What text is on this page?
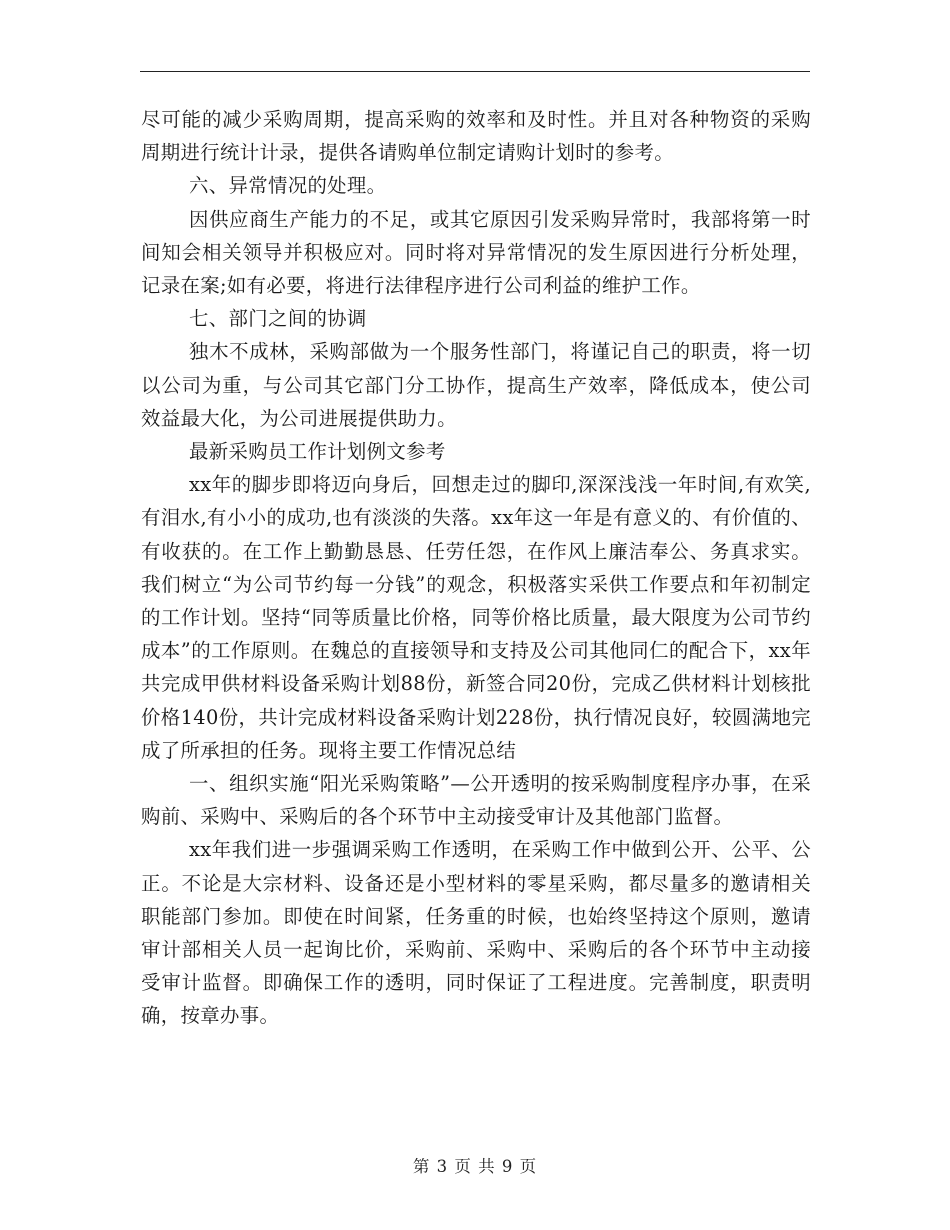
尽可能的减少采购周期，提高采购的效率和及时性。并且对各种物资的采购周期进行统计计录，提供各请购单位制定请购计划时的参考。

六、异常情况的处理。

因供应商生产能力的不足，或其它原因引发采购异常时，我部将第一时间知会相关领导并积极应对。同时将对异常情况的发生原因进行分析处理，记录在案;如有必要，将进行法律程序进行公司利益的维护工作。

七、部门之间的协调

独木不成林，采购部做为一个服务性部门，将谨记自己的职责，将一切以公司为重，与公司其它部门分工协作，提高生产效率，降低成本，使公司效益最大化，为公司进展提供助力。

最新采购员工作计划例文参考

xx年的脚步即将迈向身后，回想走过的脚印,深深浅浅一年时间,有欢笑,有泪水,有小小的成功,也有淡淡的失落。xx年这一年是有意义的、有价值的、有收获的。在工作上勤勤恳恳、任劳任怨，在作风上廉洁奉公、务真求实。我们树立“为公司节约每一分钱”的观念，积极落实采供工作要点和年初制定的工作计划。坚持“同等质量比价格，同等价格比质量，最大限度为公司节约成本”的工作原则。在魏总的直接领导和支持及公司其他同仁的配合下，xx年共完成甲供材料设备采购计划88份，新签合同20份，完成乙供材料计划核批价格140份，共计完成材料设备采购计划228份，执行情况良好，较圆满地完成了所承担的任务。现将主要工作情况总结

一、组织实施“阳光采购策略”—公开透明的按采购制度程序办事，在采购前、采购中、采购后的各个环节中主动接受审计及其他部门监督。

xx年我们进一步强调采购工作透明，在采购工作中做到公开、公平、公正。不论是大宗材料、设备还是小型材料的零星采购，都尽量多的邀请相关职能部门参加。即使在时间紧，任务重的时候，也始终坚持这个原则，邀请审计部相关人员一起询比价，采购前、采购中、采购后的各个环节中主动接受审计监督。即确保工作的透明，同时保证了工程进度。完善制度，职责明确，按章办事。

第 3 页 共 9 页
